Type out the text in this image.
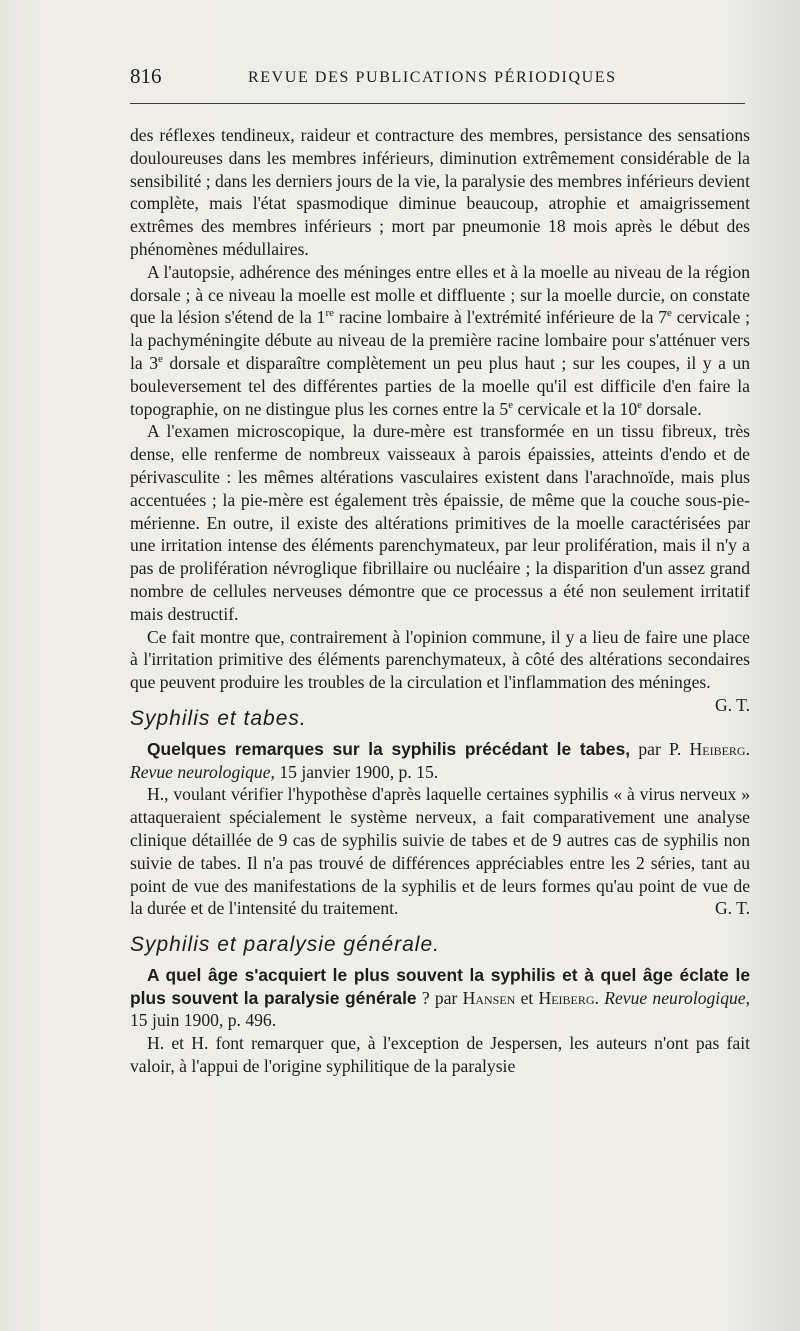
816	REVUE DES PUBLICATIONS PÉRIODIQUES

des réflexes tendineux, raideur et contracture des membres, persistance des sensations douloureuses dans les membres inférieurs, diminution extrêmement considérable de la sensibilité ; dans les derniers jours de la vie, la paralysie des membres inférieurs devient complète, mais l'état spasmodique diminue beaucoup, atrophie et amaigrissement extrêmes des membres inférieurs ; mort par pneumonie 18 mois après le début des phénomènes médullaires.

A l'autopsie, adhérence des méninges entre elles et à la moelle au niveau de la région dorsale ; à ce niveau la moelle est molle et diffluente ; sur la moelle durcie, on constate que la lésion s'étend de la 1re racine lombaire à l'extrémité inférieure de la 7e cervicale ; la pachyméningite débute au niveau de la première racine lombaire pour s'atténuer vers la 3e dorsale et disparaître complètement un peu plus haut ; sur les coupes, il y a un bouleversement tel des différentes parties de la moelle qu'il est difficile d'en faire la topographie, on ne distingue plus les cornes entre la 5e cervicale et la 10e dorsale.

A l'examen microscopique, la dure-mère est transformée en un tissu fibreux, très dense, elle renferme de nombreux vaisseaux à parois épaissies, atteints d'endo et de périvasculite : les mêmes altérations vasculaires existent dans l'arachnoïde, mais plus accentuées ; la pie-mère est également très épaissie, de même que la couche sous-pie-mérienne. En outre, il existe des altérations primitives de la moelle caractérisées par une irritation intense des éléments parenchymateux, par leur prolifération, mais il n'y a pas de prolifération névroglique fibrillaire ou nucléaire ; la disparition d'un assez grand nombre de cellules nerveuses démontre que ce processus a été non seulement irritatif mais destructif.

Ce fait montre que, contrairement à l'opinion commune, il y a lieu de faire une place à l'irritation primitive des éléments parenchymateux, à côté des altérations secondaires que peuvent produire les troubles de la circulation et l'inflammation des méninges.
G. T.

Syphilis et tabes.

Quelques remarques sur la syphilis précédant le tabes, par P. Heiberg. Revue neurologique, 15 janvier 1900, p. 15.

H., voulant vérifier l'hypothèse d'après laquelle certaines syphilis « à virus nerveux » attaqueraient spécialement le système nerveux, a fait comparativement une analyse clinique détaillée de 9 cas de syphilis suivie de tabes et de 9 autres cas de syphilis non suivie de tabes. Il n'a pas trouvé de différences appréciables entre les 2 séries, tant au point de vue des manifestations de la syphilis et de leurs formes qu'au point de vue de la durée et de l'intensité du traitement.	G. T.

Syphilis et paralysie générale.

A quel âge s'acquiert le plus souvent la syphilis et à quel âge éclate le plus souvent la paralysie générale ? par Hansen et Heiberg. Revue neurologique, 15 juin 1900, p. 496.

H. et H. font remarquer que, à l'exception de Jespersen, les auteurs n'ont pas fait valoir, à l'appui de l'origine syphilitique de la paralysie
